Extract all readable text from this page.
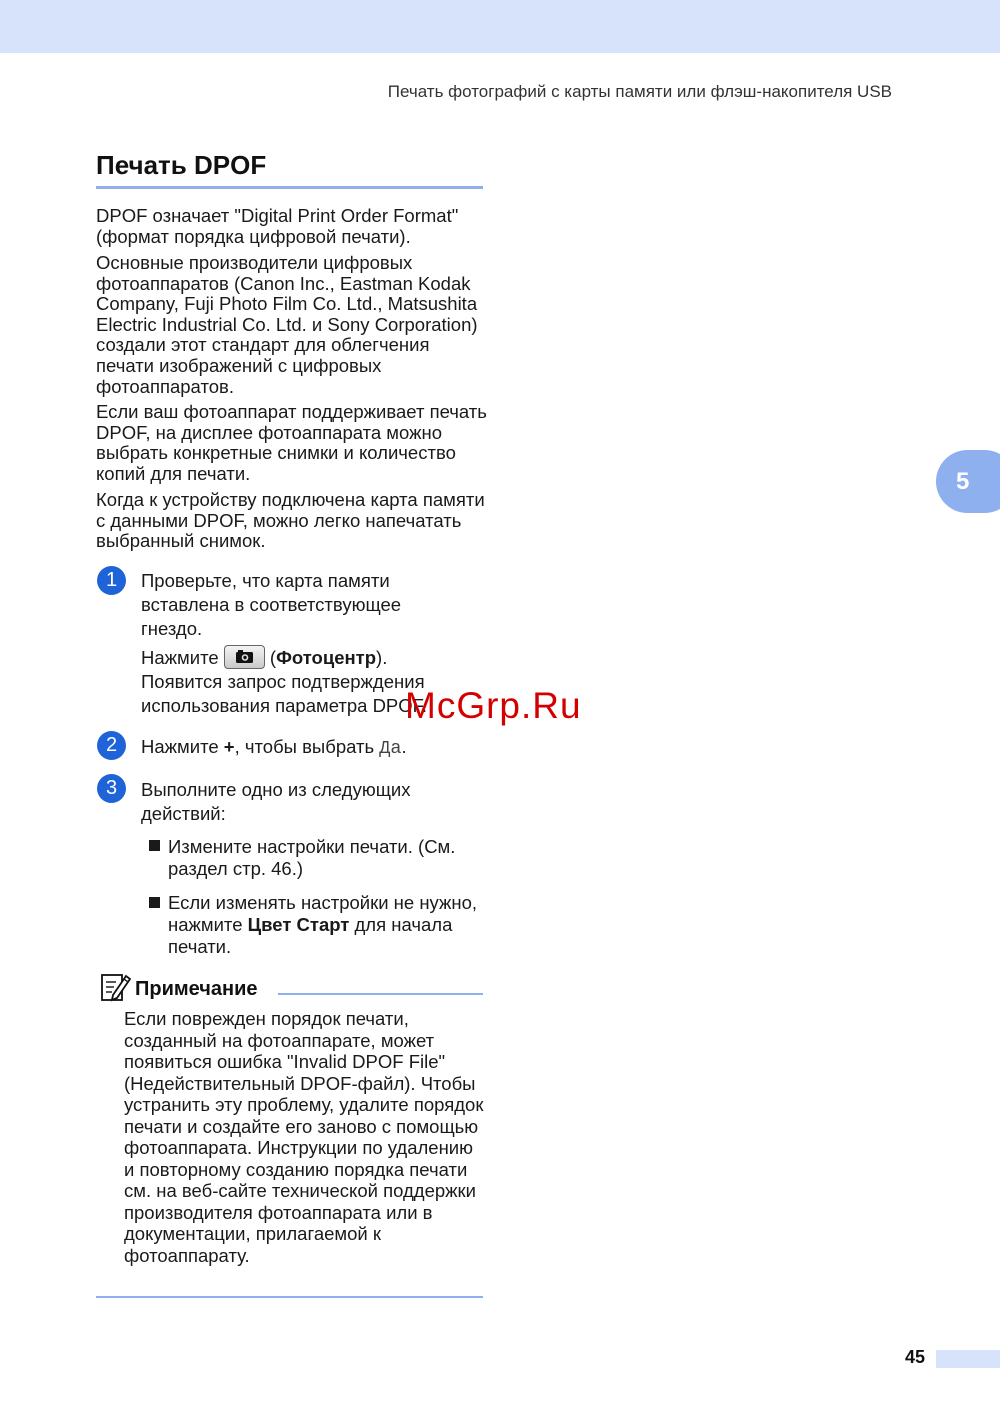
Печать фотографий с карты памяти или флэш-накопителя USB
Печать DPOF
DPOF означает "Digital Print Order Format" (формат порядка цифровой печати).
Основные производители цифровых фотоаппаратов (Canon Inc., Eastman Kodak Company, Fuji Photo Film Co. Ltd., Matsushita Electric Industrial Co. Ltd. и Sony Corporation) создали этот стандарт для облегчения печати изображений с цифровых фотоаппаратов.
Если ваш фотоаппарат поддерживает печать DPOF, на дисплее фотоаппарата можно выбрать конкретные снимки и количество копий для печати.
Когда к устройству подключена карта памяти с данными DPOF, можно легко напечатать выбранный снимок.
1	Проверьте, что карта памяти вставлена в соответствующее гнездо.
Нажмите	(Фотоцентр). Появится запрос подтверждения использования параметра DPOF.
2	Нажмите +, чтобы выбрать Да.
3	Выполните одно из следующих действий:
Измените настройки печати. (См. раздел стр. 46.)
Если изменять настройки не нужно, нажмите Цвет Старт для начала печати.
Примечание
Если поврежден порядок печати, созданный на фотоаппарате, может появиться ошибка "Invalid DPOF File" (Недействительный DPOF-файл). Чтобы устранить эту проблему, удалите порядок печати и создайте его заново с помощью фотоаппарата. Инструкции по удалению и повторному созданию порядка печати см. на веб-сайте технической поддержки производителя фотоаппарата или в документации, прилагаемой к фотоаппарату.
5
45
McGrp.Ru
